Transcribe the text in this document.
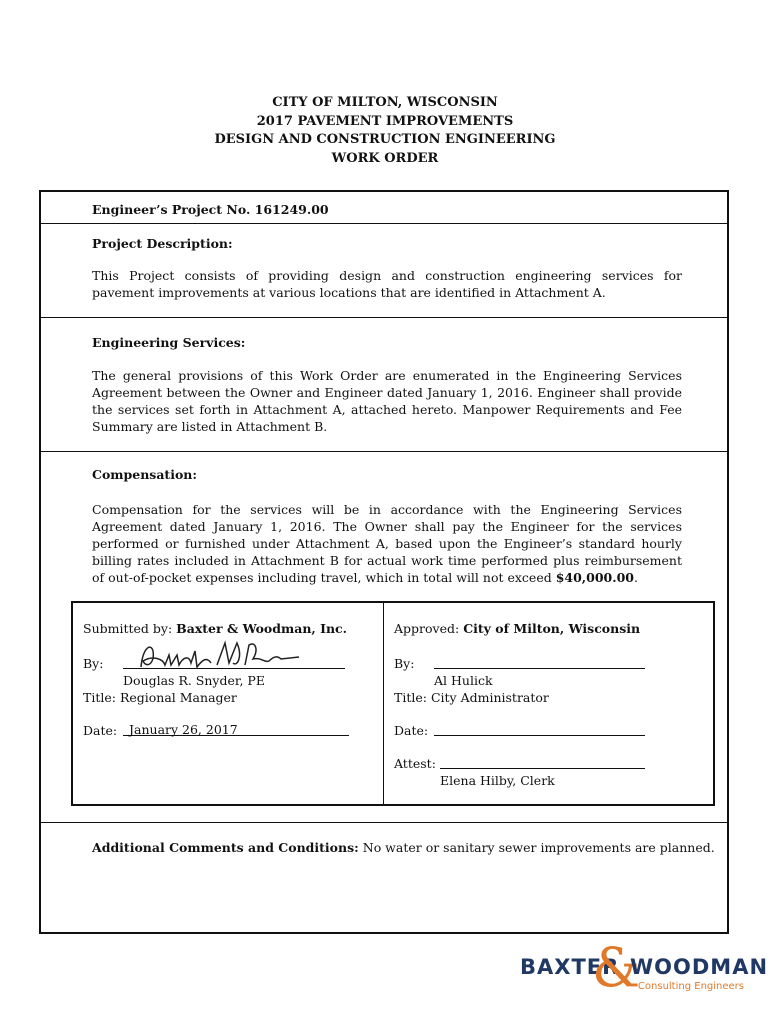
CITY OF MILTON, WISCONSIN
2017 PAVEMENT IMPROVEMENTS
DESIGN AND CONSTRUCTION ENGINEERING
WORK ORDER
Engineer’s Project No. 161249.00
Project Description:
This Project consists of providing design and construction engineering services for pavement improvements at various locations that are identified in Attachment A.
Engineering Services:
The general provisions of this Work Order are enumerated in the Engineering Services Agreement between the Owner and Engineer dated January 1, 2016. Engineer shall provide the services set forth in Attachment A, attached hereto. Manpower Requirements and Fee Summary are listed in Attachment B.
Compensation:
Compensation for the services will be in accordance with the Engineering Services Agreement dated January 1, 2016. The Owner shall pay the Engineer for the services performed or furnished under Attachment A, based upon the Engineer’s standard hourly billing rates included in Attachment B for actual work time performed plus reimbursement of out-of-pocket expenses including travel, which in total will not exceed $40,000.00.
Submitted by: Baxter & Woodman, Inc.
By:
Douglas R. Snyder, PE
Title: Regional Manager
Date: January 26, 2017
Approved: City of Milton, Wisconsin
By:
Al Hulick
Title: City Administrator
Date:
Attest:
Elena Hilby, Clerk
Additional Comments and Conditions: No water or sanitary sewer improvements are planned.
BAXTER
&
WOODMAN
Consulting Engineers
